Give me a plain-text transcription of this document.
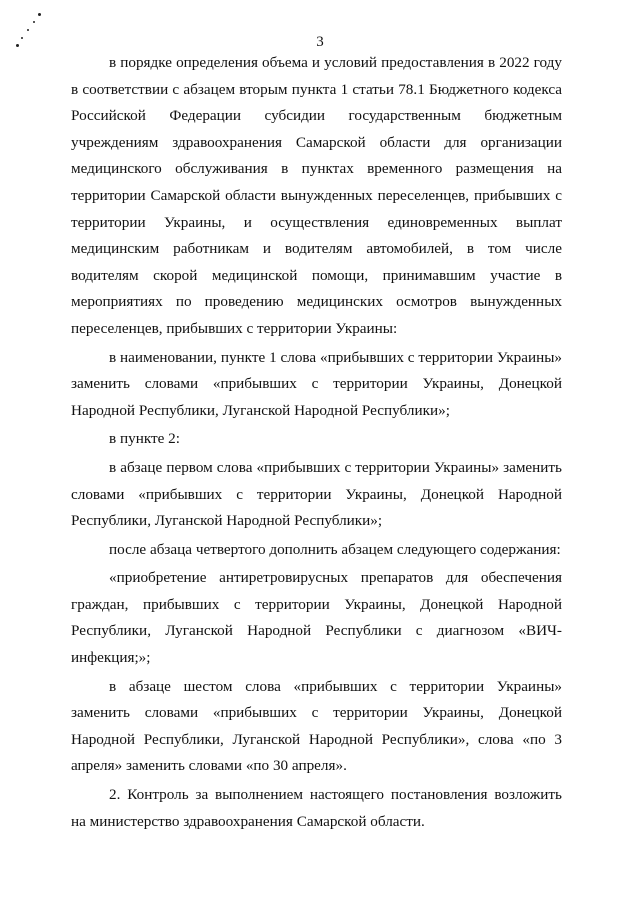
3

в порядке определения объема и условий предоставления в 2022 году в соответствии с абзацем вторым пункта 1 статьи 78.1 Бюджетного кодекса Российской Федерации субсидии государственным бюджетным учреждениям здравоохранения Самарской области для организации медицинского обслуживания в пунктах временного размещения на территории Самарской области вынужденных переселенцев, прибывших с территории Украины, и осуществления единовременных выплат медицинским работникам и водителям автомобилей, в том числе водителям скорой медицинской помощи, принимавшим участие в мероприятиях по проведению медицинских осмотров вынужденных переселенцев, прибывших с территории Украины:

в наименовании, пункте 1 слова «прибывших с территории Украины» заменить словами «прибывших с территории Украины, Донецкой Народной Республики, Луганской Народной Республики»;

в пункте 2:

в абзаце первом слова «прибывших с территории Украины» заменить словами «прибывших с территории Украины, Донецкой Народной Республики, Луганской Народной Республики»;

после абзаца четвертого дополнить абзацем следующего содержания:

«приобретение антиретровирусных препаратов для обеспечения граждан, прибывших с территории Украины, Донецкой Народной Республики, Луганской Народной Республики с диагнозом «ВИЧ-инфекция;»;

в абзаце шестом слова «прибывших с территории Украины» заменить словами «прибывших с территории Украины, Донецкой Народной Республики, Луганской Народной Республики», слова «по 3 апреля» заменить словами «по 30 апреля».

2. Контроль за выполнением настоящего постановления возложить на министерство здравоохранения Самарской области.
